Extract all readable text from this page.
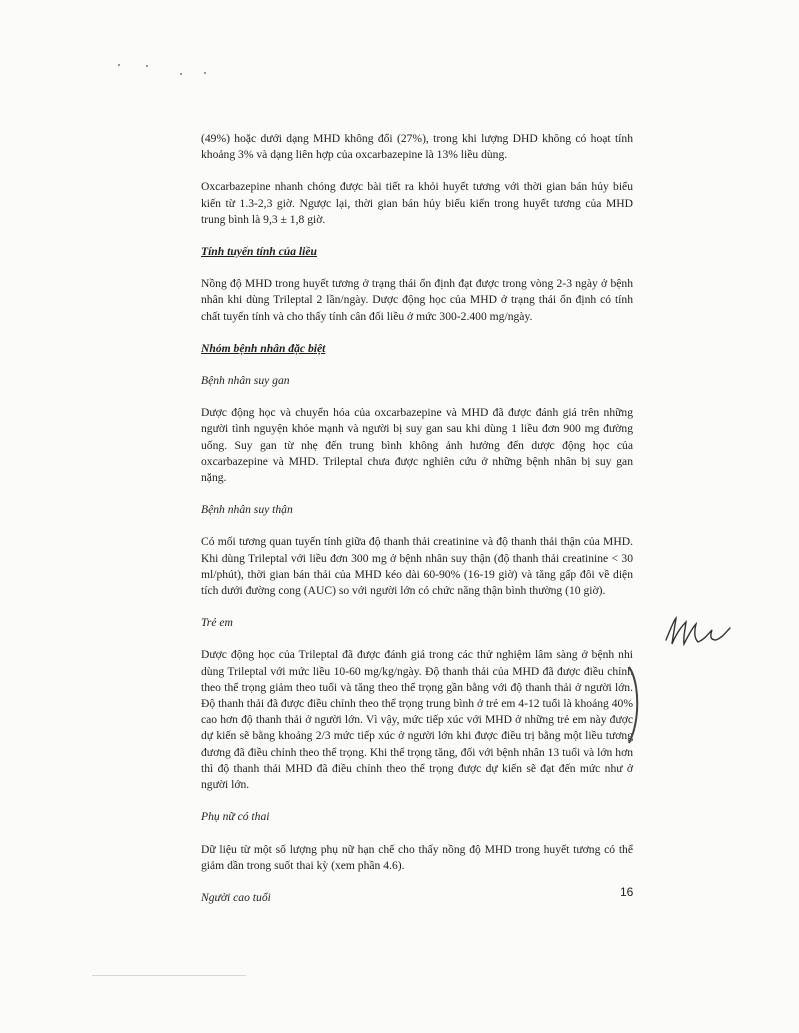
(49%) hoặc dưới dạng MHD không đổi (27%), trong khi lượng DHD không có hoạt tính khoảng 3% và dạng liên hợp của oxcarbazepine là 13% liều dùng.

Oxcarbazepine nhanh chóng được bài tiết ra khỏi huyết tương với thời gian bán hủy biểu kiến từ 1.3-2,3 giờ. Ngược lại, thời gian bán hủy biểu kiến trong huyết tương của MHD trung bình là 9,3 ± 1,8 giờ.

Tính tuyến tính của liều

Nồng độ MHD trong huyết tương ở trạng thái ổn định đạt được trong vòng 2-3 ngày ở bệnh nhân khi dùng Trileptal 2 lần/ngày. Dược động học của MHD ở trạng thái ổn định có tính chất tuyến tính và cho thấy tính cân đối liều ở mức 300-2.400 mg/ngày.

Nhóm bệnh nhân đặc biệt

Bệnh nhân suy gan

Dược động học và chuyển hóa của oxcarbazepine và MHD đã được đánh giá trên những người tình nguyện khỏe mạnh và người bị suy gan sau khi dùng 1 liều đơn 900 mg đường uống. Suy gan từ nhẹ đến trung bình không ảnh hưởng đến dược động học của oxcarbazepine và MHD. Trileptal chưa được nghiên cứu ở những bệnh nhân bị suy gan nặng.

Bệnh nhân suy thận

Có mối tương quan tuyến tính giữa độ thanh thải creatinine và độ thanh thải thận của MHD. Khi dùng Trileptal với liều đơn 300 mg ở bệnh nhân suy thận (độ thanh thải creatinine < 30 ml/phút), thời gian bán thải của MHD kéo dài 60-90% (16-19 giờ) và tăng gấp đôi về diện tích dưới đường cong (AUC) so với người lớn có chức năng thận bình thường (10 giờ).

Trẻ em

Dược động học của Trileptal đã được đánh giá trong các thử nghiệm lâm sàng ở bệnh nhi dùng Trileptal với mức liều 10-60 mg/kg/ngày. Độ thanh thải của MHD đã được điều chỉnh theo thể trọng giảm theo tuổi và tăng theo thể trọng gần bằng với độ thanh thải ở người lớn. Độ thanh thải đã được điều chỉnh theo thể trọng trung bình ở trẻ em 4-12 tuổi là khoảng 40% cao hơn độ thanh thải ở người lớn. Vì vậy, mức tiếp xúc với MHD ở những trẻ em này được dự kiến sẽ bằng khoảng 2/3 mức tiếp xúc ở người lớn khi được điều trị bằng một liều tương đương đã điều chỉnh theo thể trọng. Khi thể trọng tăng, đối với bệnh nhân 13 tuổi và lớn hơn thì độ thanh thải MHD đã điều chỉnh theo thể trọng được dự kiến sẽ đạt đến mức như ở người lớn.

Phụ nữ có thai

Dữ liệu từ một số lượng phụ nữ hạn chế cho thấy nồng độ MHD trong huyết tương có thể giảm dần trong suốt thai kỳ (xem phần 4.6).

Người cao tuổi	16
